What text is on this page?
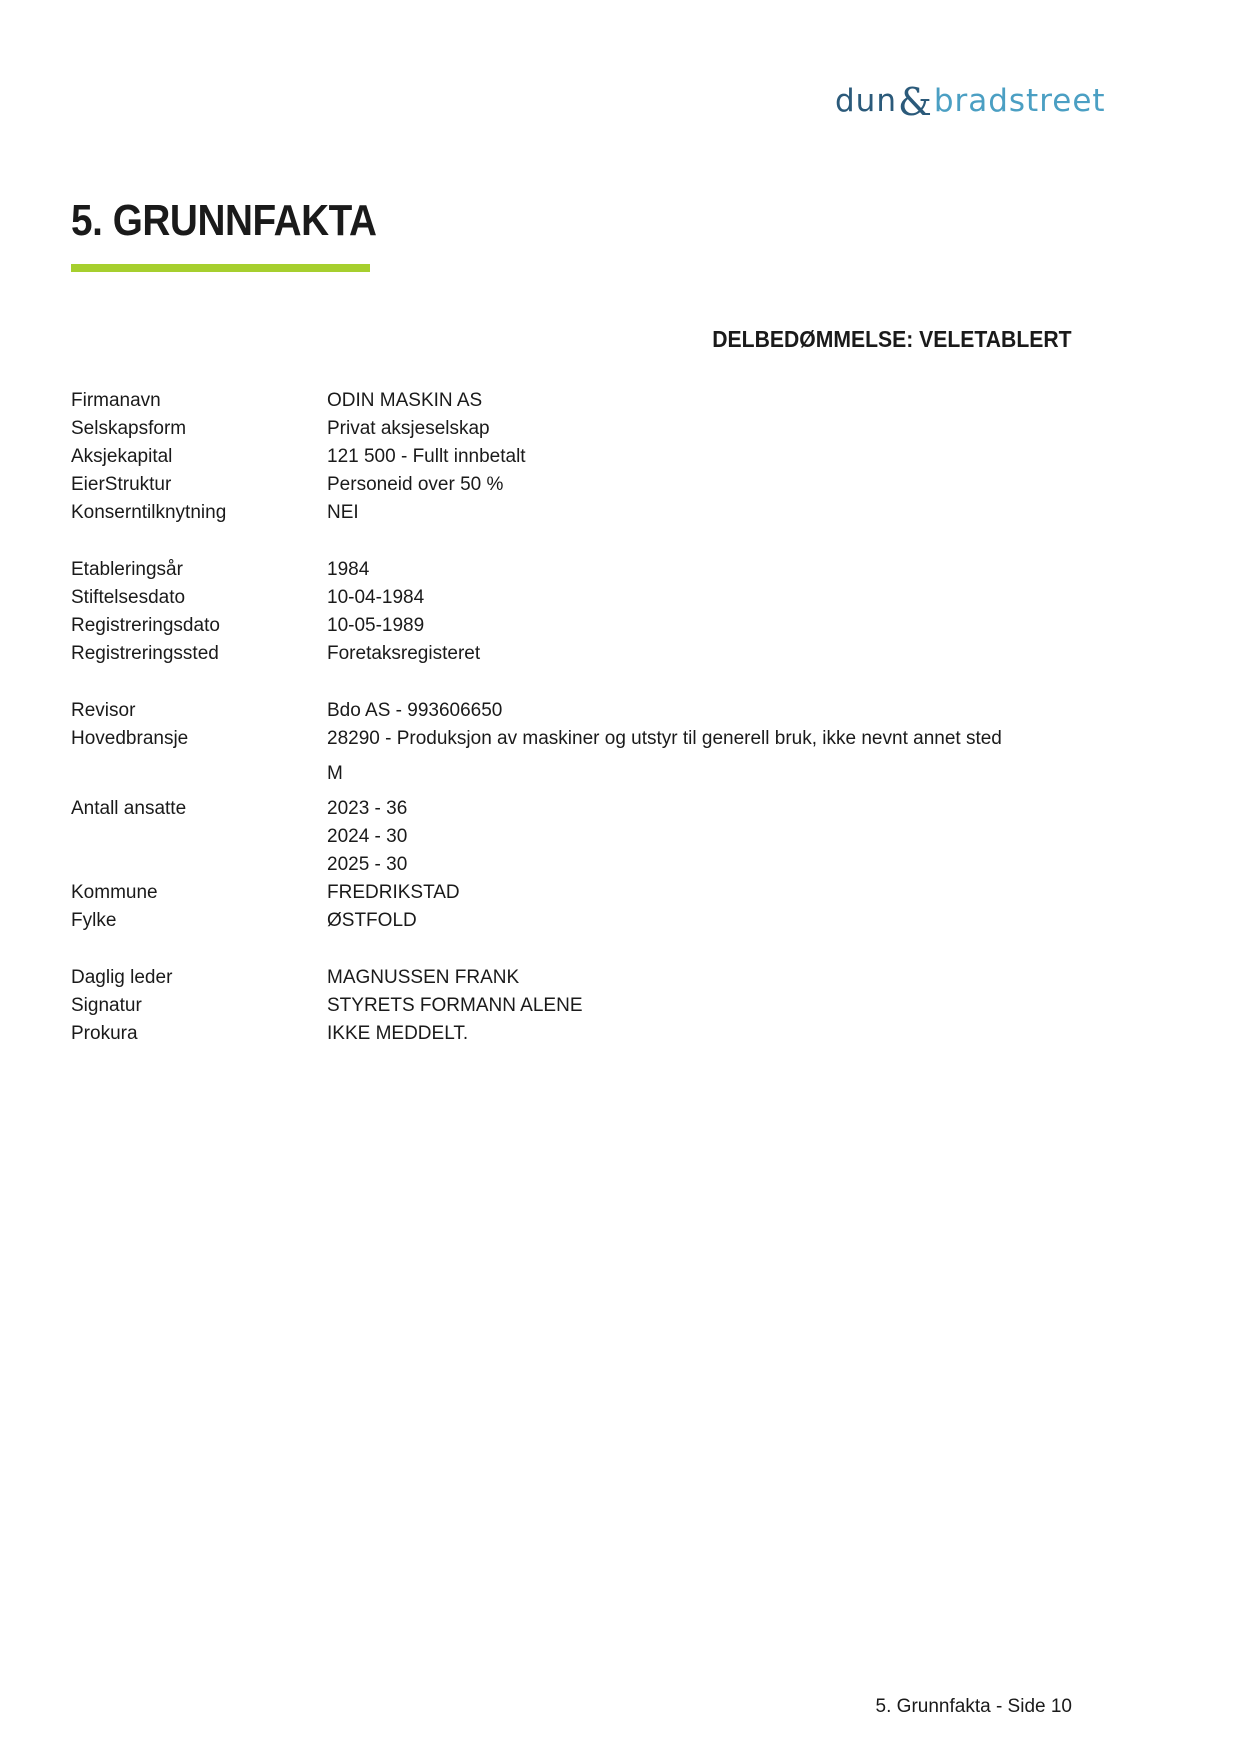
dun & bradstreet
5. GRUNNFAKTA
DELBEDØMMELSE: VELETABLERT
Firmanavn	ODIN MASKIN AS
Selskapsform	Privat aksjeselskap
Aksjekapital	121 500 - Fullt innbetalt
EierStruktur	Personeid over 50 %
Konserntilknytning	NEI
Etableringsår	1984
Stiftelsesdato	10-04-1984
Registreringsdato	10-05-1989
Registreringssted	Foretaksregisteret
Revisor	Bdo AS - 993606650
Hovedbransje	28290 - Produksjon av maskiner og utstyr til generell bruk, ikke nevnt annet sted
M
Antall ansatte	2023 - 36
2024 - 30
2025 - 30
Kommune	FREDRIKSTAD
Fylke	ØSTFOLD
Daglig leder	MAGNUSSEN FRANK
Signatur	STYRETS FORMANN ALENE
Prokura	IKKE MEDDELT.
5. Grunnfakta - Side 10
